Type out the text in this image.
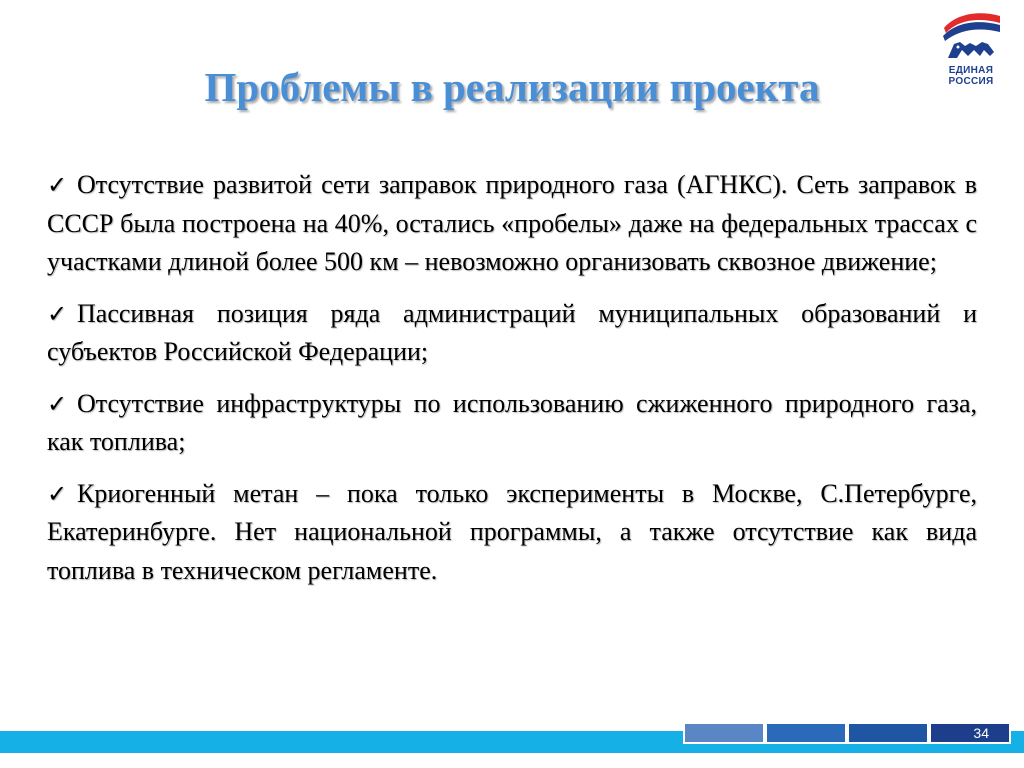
ЕДИНАЯ
РОССИЯ
Проблемы в реализации проекта

✓ Отсутствие развитой сети заправок природного газа (АГНКС). Сеть заправок в СССР была построена на 40%, остались «пробелы» даже на федеральных трассах с участками длиной более 500 км – невозможно организовать сквозное движение;

✓ Пассивная позиция ряда администраций муниципальных образований и субъектов Российской Федерации;

✓ Отсутствие инфраструктуры по использованию сжиженного природного газа, как топлива;

✓ Криогенный метан – пока только эксперименты в Москве, С.Петербурге, Екатеринбурге. Нет национальной программы, а также отсутствие как вида топлива в техническом регламенте.

34
